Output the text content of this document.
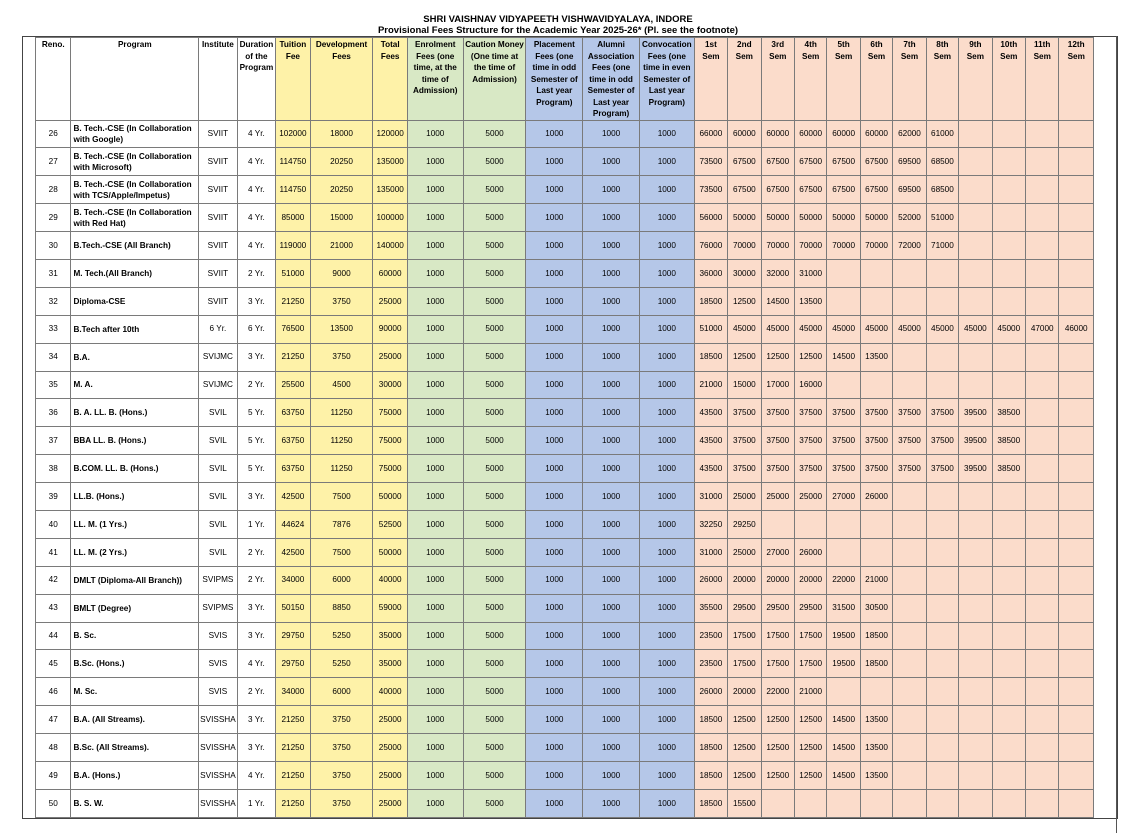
SHRI VAISHNAV VIDYAPEETH VISHWAVIDYALAYA, INDORE
Provisional Fees Structure for the Academic Year 2025-26* (Pl. see the footnote)
Reno.	Program	Institute	Duration of the Program	Tuition Fee	Development Fees	Total Fees	Enrolment Fees (one time, at the time of Admission)	Caution Money (One time at the time of Admission)	Placement Fees (one time in odd Semester of Last year Program)	Alumni Association Fees (one time in odd Semester of Last year Program)	Convocation Fees (one time in even Semester of Last year Program)	1st Sem	2nd Sem	3rd Sem	4th Sem	5th Sem	6th Sem	7th Sem	8th Sem	9th Sem	10th Sem	11th Sem	12th Sem
26	B. Tech.-CSE (In Collaboration with Google)	SVIIT	4 Yr.	102000	18000	120000	1000	5000	1000	1000	1000	66000	60000	60000	60000	60000	60000	62000	61000				
27	B. Tech.-CSE (In Collaboration with Microsoft)	SVIIT	4 Yr.	114750	20250	135000	1000	5000	1000	1000	1000	73500	67500	67500	67500	67500	67500	69500	68500				
28	B. Tech.-CSE (In Collaboration with TCS/Apple/Impetus)	SVIIT	4 Yr.	114750	20250	135000	1000	5000	1000	1000	1000	73500	67500	67500	67500	67500	67500	69500	68500				
29	B. Tech.-CSE (In Collaboration with Red Hat)	SVIIT	4 Yr.	85000	15000	100000	1000	5000	1000	1000	1000	56000	50000	50000	50000	50000	50000	52000	51000				
30	B.Tech.-CSE (All Branch)	SVIIT	4 Yr.	119000	21000	140000	1000	5000	1000	1000	1000	76000	70000	70000	70000	70000	70000	72000	71000				
31	M. Tech.(All Branch)	SVIIT	2 Yr.	51000	9000	60000	1000	5000	1000	1000	1000	36000	30000	32000	31000								
32	Diploma-CSE	SVIIT	3 Yr.	21250	3750	25000	1000	5000	1000	1000	1000	18500	12500	14500	13500								
33	B.Tech after 10th	6 Yr.	6 Yr.	76500	13500	90000	1000	5000	1000	1000	1000	51000	45000	45000	45000	45000	45000	45000	45000	45000	45000	47000	46000
34	B.A.	SVIJMC	3 Yr.	21250	3750	25000	1000	5000	1000	1000	1000	18500	12500	12500	12500	14500	13500						
35	M. A.	SVIJMC	2 Yr.	25500	4500	30000	1000	5000	1000	1000	1000	21000	15000	17000	16000								
36	B. A. LL. B. (Hons.)	SVIL	5 Yr.	63750	11250	75000	1000	5000	1000	1000	1000	43500	37500	37500	37500	37500	37500	37500	37500	39500	38500		
37	BBA LL. B. (Hons.)	SVIL	5 Yr.	63750	11250	75000	1000	5000	1000	1000	1000	43500	37500	37500	37500	37500	37500	37500	37500	39500	38500		
38	B.COM. LL. B. (Hons.)	SVIL	5 Yr.	63750	11250	75000	1000	5000	1000	1000	1000	43500	37500	37500	37500	37500	37500	37500	37500	39500	38500		
39	LL.B. (Hons.)	SVIL	3 Yr.	42500	7500	50000	1000	5000	1000	1000	1000	31000	25000	25000	25000	27000	26000						
40	LL. M. (1 Yrs.)	SVIL	1 Yr.	44624	7876	52500	1000	5000	1000	1000	1000	32250	29250										
41	LL. M. (2 Yrs.)	SVIL	2 Yr.	42500	7500	50000	1000	5000	1000	1000	1000	31000	25000	27000	26000								
42	DMLT (Diploma-All Branch))	SVIPMS	2 Yr.	34000	6000	40000	1000	5000	1000	1000	1000	26000	20000	20000	20000	22000	21000						
43	BMLT (Degree)	SVIPMS	3 Yr.	50150	8850	59000	1000	5000	1000	1000	1000	35500	29500	29500	29500	31500	30500						
44	B. Sc.	SVIS	3 Yr.	29750	5250	35000	1000	5000	1000	1000	1000	23500	17500	17500	17500	19500	18500						
45	B.Sc. (Hons.)	SVIS	4 Yr.	29750	5250	35000	1000	5000	1000	1000	1000	23500	17500	17500	17500	19500	18500						
46	M. Sc.	SVIS	2 Yr.	34000	6000	40000	1000	5000	1000	1000	1000	26000	20000	22000	21000								
47	B.A. (All Streams).	SVISSHA	3 Yr.	21250	3750	25000	1000	5000	1000	1000	1000	18500	12500	12500	12500	14500	13500						
48	B.Sc. (All Streams).	SVISSHA	3 Yr.	21250	3750	25000	1000	5000	1000	1000	1000	18500	12500	12500	12500	14500	13500						
49	B.A. (Hons.)	SVISSHA	4 Yr.	21250	3750	25000	1000	5000	1000	1000	1000	18500	12500	12500	12500	14500	13500						
50	B. S. W.	SVISSHA	1 Yr.	21250	3750	25000	1000	5000	1000	1000	1000	18500	15500										
